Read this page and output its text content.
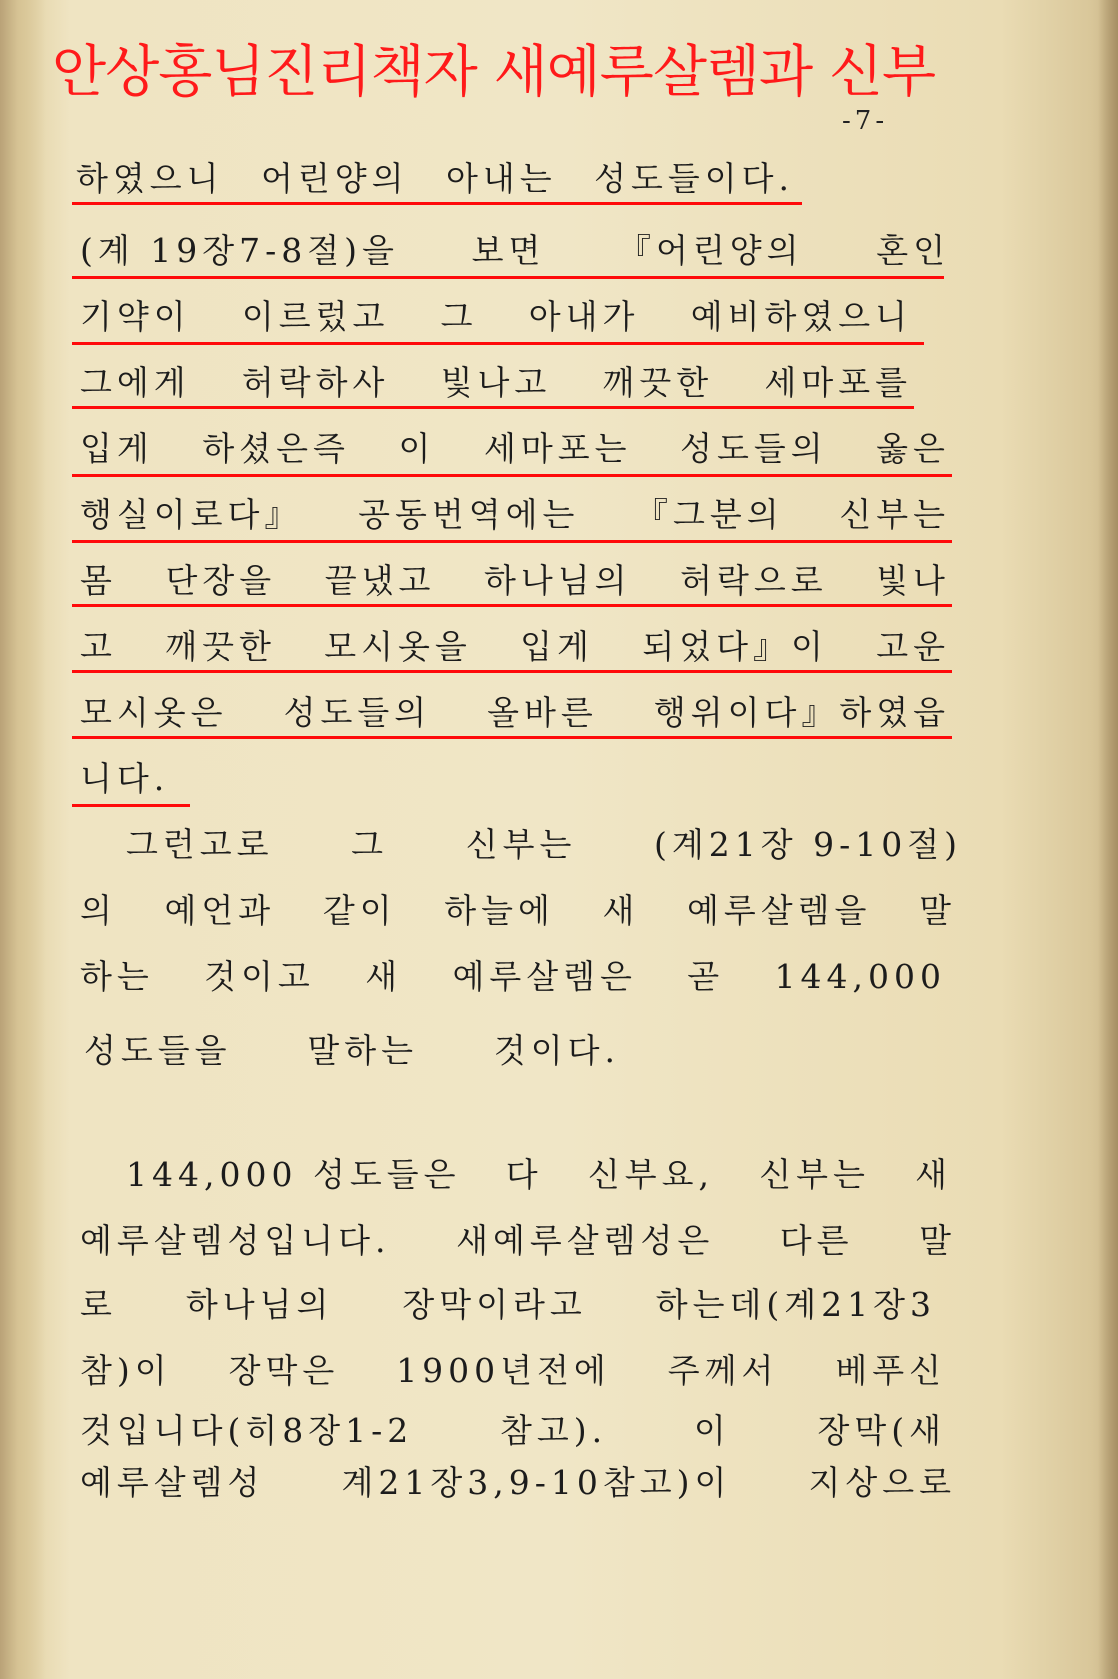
안상홍님진리책자 새예루살렘과 신부
-7-
하였으니 어린양의 아내는 성도들이다.
(계 19장7-8절)을 보면 『어린양의 혼인
기약이 이르렀고 그 아내가 예비하였으니
그에게 허락하사 빛나고 깨끗한 세마포를
입게 하셨은즉 이 세마포는 성도들의 옳은
행실이로다』 공동번역에는 『그분의 신부는
몸 단장을 끝냈고 하나님의 허락으로 빛나
고 깨끗한 모시옷을 입게 되었다』이 고운
모시옷은 성도들의 올바른 행위이다』하였읍
니다.
그런고로 그 신부는 (계21장 9-10절)
의 예언과 같이 하늘에 새 예루살렘을 말
하는 것이고 새 예루살렘은 곧 144,000
성도들을 말하는 것이다.
144,000 성도들은 다 신부요, 신부는 새
예루살렘성입니다. 새예루살렘성은 다른 말
로 하나님의 장막이라고 하는데(계21장3
참)이 장막은 1900년전에 주께서 베푸신
것입니다(히8장1-2	참고).	이	장막(새
예루살렘성 계21장3,9-10참고)이 지상으로
